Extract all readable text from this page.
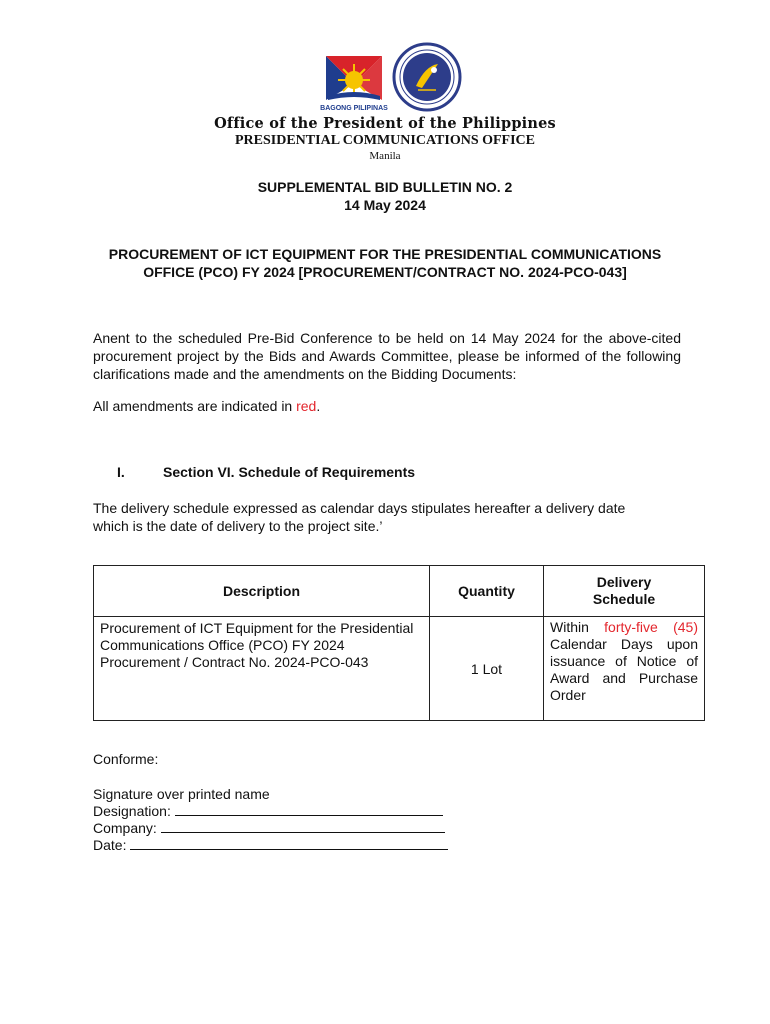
BAGONG PILIPINAS
Office of the President of the Philippines
PRESIDENTIAL COMMUNICATIONS OFFICE
Manila
SUPPLEMENTAL BID BULLETIN NO. 2
14 May 2024
PROCUREMENT OF ICT EQUIPMENT FOR THE PRESIDENTIAL COMMUNICATIONS OFFICE (PCO) FY 2024 [PROCUREMENT/CONTRACT NO. 2024-PCO-043]
Anent to the scheduled Pre-Bid Conference to be held on 14 May 2024 for the above-cited procurement project by the Bids and Awards Committee, please be informed of the following clarifications made and the amendments on the Bidding Documents:
All amendments are indicated in red.
I.	Section VI. Schedule of Requirements
The delivery schedule expressed as calendar days stipulates hereafter a delivery date which is the date of delivery to the project site.’
Description	Quantity	Delivery Schedule

Procurement of ICT Equipment for the Presidential Communications Office (PCO) FY 2024 Procurement / Contract No. 2024-PCO-043	1 Lot	Within forty-five (45) Calendar Days upon issuance of Notice of Award and Purchase Order
Conforme:
Signature over printed name
Designation:
Company:
Date:
